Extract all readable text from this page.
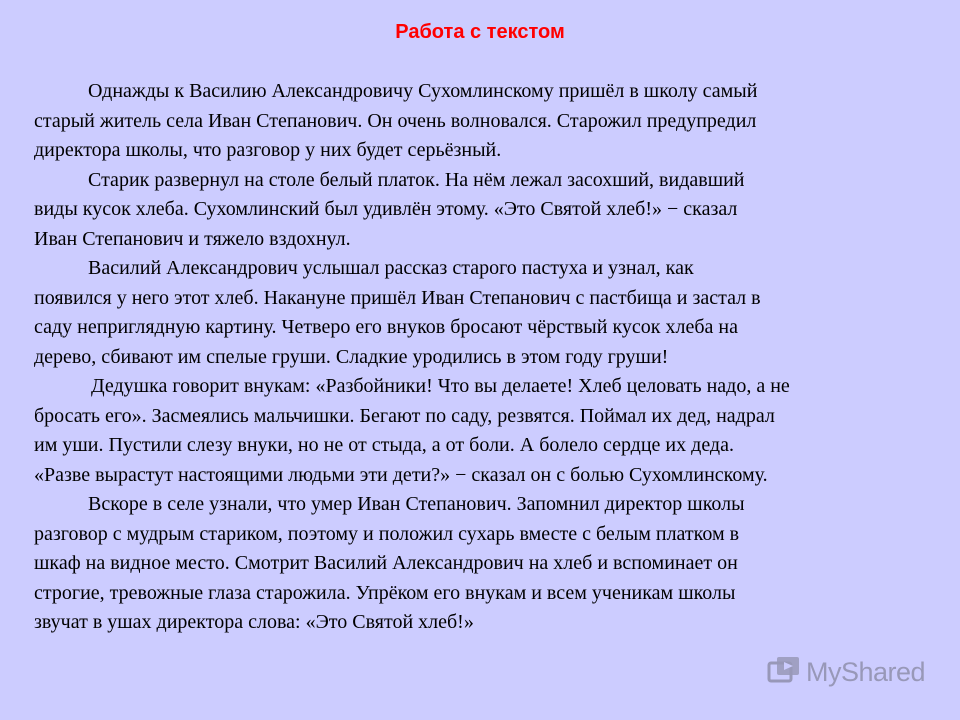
Работа с текстом

Однажды к Василию Александровичу Сухомлинскому пришёл в школу самый

старый житель села Иван Степанович. Он очень волновался. Старожил предупредил

директора школы, что разговор у них будет серьёзный.

Старик развернул на столе белый платок. На нём лежал засохший, видавший

виды кусок хлеба. Сухомлинский был удивлён этому. «Это Святой хлеб!» − сказал

Иван Степанович и тяжело вздохнул.

Василий Александрович услышал рассказ старого пастуха и узнал, как

появился у него этот хлеб. Накануне пришёл Иван Степанович с пастбища и застал в

саду неприглядную картину. Четверо его внуков бросают чёрствый кусок хлеба на

дерево, сбивают им спелые груши. Сладкие уродились в этом году груши!

Дедушка говорит внукам: «Разбойники! Что вы делаете! Хлеб целовать надо, а не

бросать его». Засмеялись мальчишки. Бегают по саду, резвятся. Поймал их дед, надрал

им уши. Пустили слезу внуки, но не от стыда, а от боли. А болело сердце их деда.

«Разве вырастут настоящими людьми эти дети?» − сказал он с болью Сухомлинскому.

Вскоре в селе узнали, что умер Иван Степанович. Запомнил директор школы

разговор с мудрым стариком, поэтому и положил сухарь вместе с белым платком в

шкаф на видное место. Смотрит Василий Александрович на хлеб и вспоминает он

строгие, тревожные глаза старожила. Упрёком его внукам и всем ученикам школы

звучат в ушах директора слова: «Это Святой хлеб!»

MyShared
